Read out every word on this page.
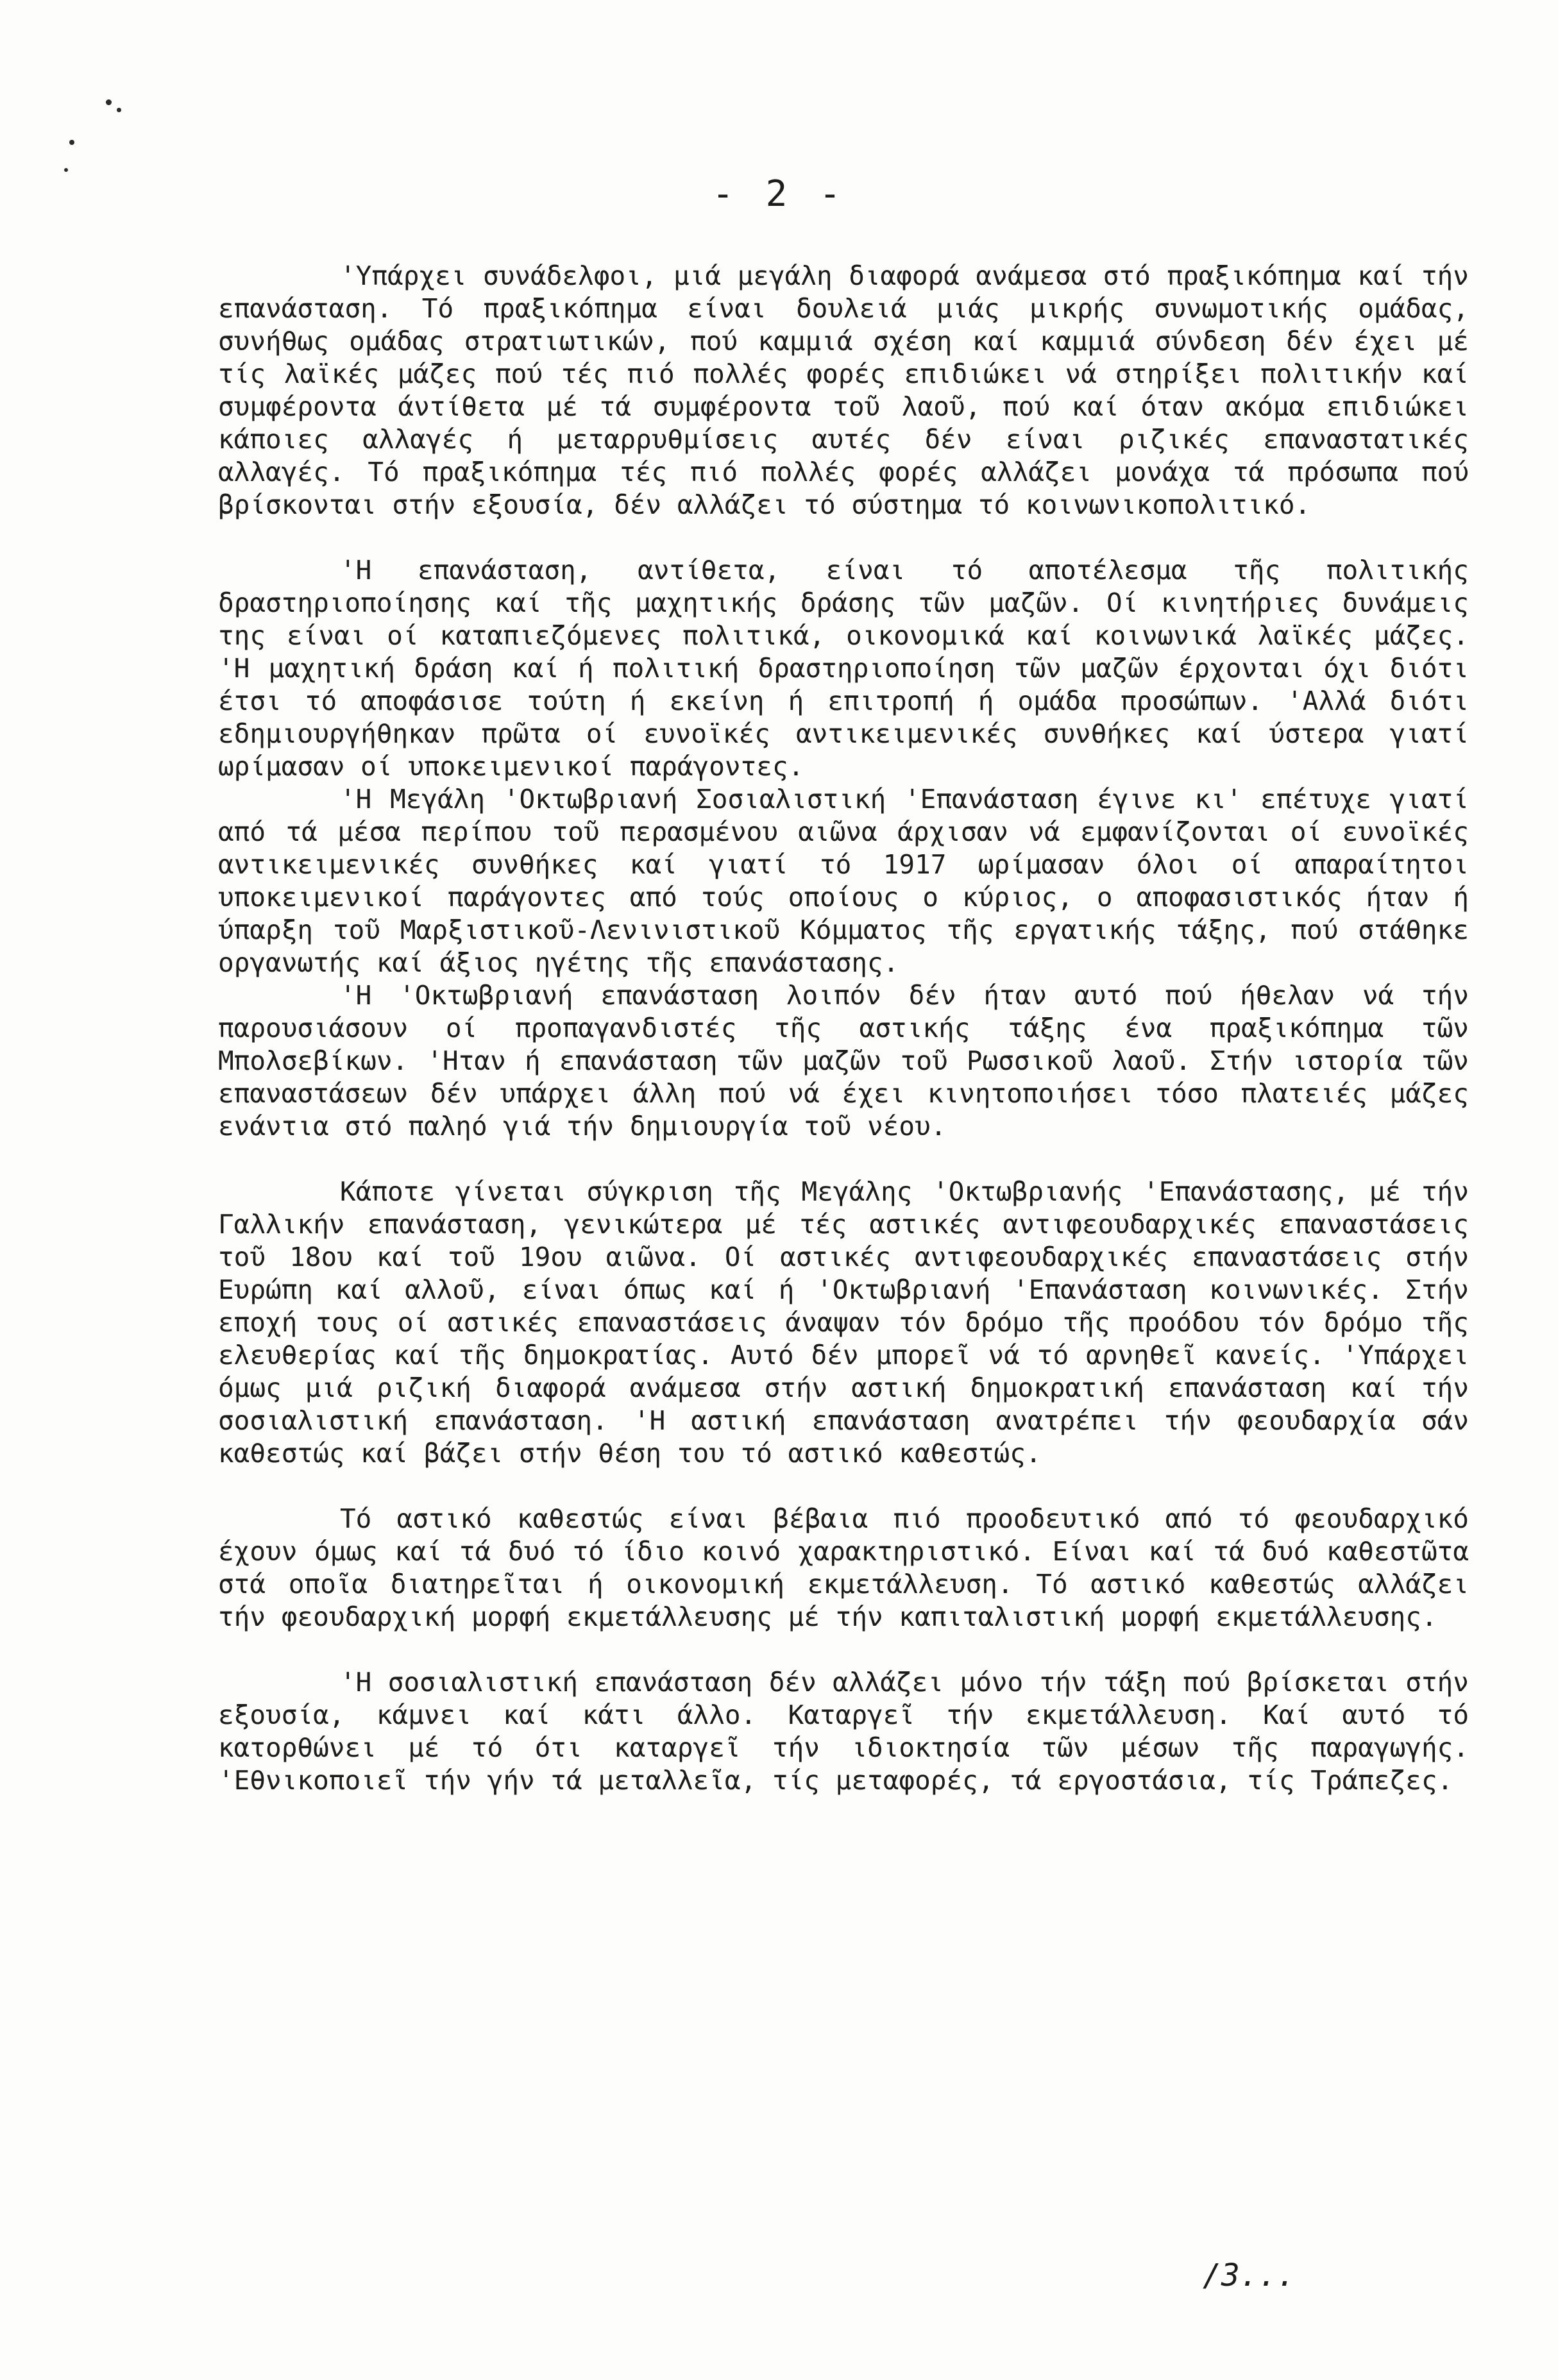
- 2 -

'Υπάρχει συνάδελφοι, μιά μεγάλη διαφορά ανάμεσα στό πραξικόπημα καί τήν επανάσταση. Τό πραξικόπημα είναι δουλειά μιάς μικρής συνωμοτικής ομάδας, συνήθως ομάδας στρατιωτικών, πού καμμιά σχέση καί καμμιά σύνδεση δέν έχει μέ τίς λαϊκές μάζες πού τές πιό πολλές φορές επιδιώκει νά στηρίξει πολιτικήν καί συμφέροντα άντίθετα μέ τά συμφέροντα τοῦ λαοῦ, πού καί όταν ακόμα επιδιώκει κάποιες αλλαγές ή μεταρρυθμίσεις αυτές δέν είναι ριζικές επαναστατικές αλλαγές. Τό πραξικόπημα τές πιό πολλές φορές αλλάζει μονάχα τά πρόσωπα πού βρίσκονται στήν εξουσία, δέν αλλάζει τό σύστημα τό κοινωνικοπολιτικό.

'Η επανάσταση, αντίθετα, είναι τό αποτέλεσμα τῆς πολιτικής δραστηριοποίησης καί τῆς μαχητικής δράσης τῶν μαζῶν. Οί κινητήριες δυνάμεις της είναι οί καταπιεζόμενες πολιτικά, οικονομικά καί κοινωνικά λαϊκές μάζες. 'Η μαχητική δράση καί ή πολιτική δραστηριοποίηση τῶν μαζῶν έρχονται όχι διότι έτσι τό αποφάσισε τούτη ή εκείνη ή επιτροπή ή ομάδα προσώπων. 'Αλλά διότι εδημιουργήθηκαν πρῶτα οί ευνοϊκές αντικειμενικές συνθήκες καί ύστερα γιατί ωρίμασαν οί υποκειμενικοί παράγοντες.

'Η Μεγάλη 'Οκτωβριανή Σοσιαλιστική 'Επανάσταση έγινε κι' επέτυχε γιατί από τά μέσα περίπου τοῦ περασμένου αιῶνα άρχισαν νά εμφανίζονται οί ευνοϊκές αντικειμενικές συνθήκες καί γιατί τό 1917 ωρίμασαν όλοι οί απαραίτητοι υποκειμενικοί παράγοντες από τούς οποίους ο κύριος, ο αποφασιστικός ήταν ή ύπαρξη τοῦ Μαρξιστικοῦ-Λενινιστικοῦ Κόμματος τῆς εργατικής τάξης, πού στάθηκε οργανωτής καί άξιος ηγέτης τῆς επανάστασης.

'Η 'Οκτωβριανή επανάσταση λοιπόν δέν ήταν αυτό πού ήθελαν νά τήν παρουσιάσουν οί προπαγανδιστές τῆς αστικής τάξης ένα πραξικόπημα τῶν Μπολσεβίκων. 'Ηταν ή επανάσταση τῶν μαζῶν τοῦ Ρωσσικοῦ λαοῦ. Στήν ιστορία τῶν επαναστάσεων δέν υπάρχει άλλη πού νά έχει κινητοποιήσει τόσο πλατειές μάζες ενάντια στό παληό γιά τήν δημιουργία τοῦ νέου.

Κάποτε γίνεται σύγκριση τῆς Μεγάλης 'Οκτωβριανής 'Επανάστασης, μέ τήν Γαλλικήν επανάσταση, γενικώτερα μέ τές αστικές αντιφεουδαρχικές επαναστάσεις τοῦ 18ου καί τοῦ 19ου αιῶνα. Οί αστικές αντιφεουδαρχικές επαναστάσεις στήν Ευρώπη καί αλλοῦ, είναι όπως καί ή 'Οκτωβριανή 'Επανάσταση κοινωνικές. Στήν εποχή τους οί αστικές επαναστάσεις άναψαν τόν δρόμο τῆς προόδου τόν δρόμο τῆς ελευθερίας καί τῆς δημοκρατίας. Αυτό δέν μπορεῖ νά τό αρνηθεῖ κανείς. 'Υπάρχει όμως μιά ριζική διαφορά ανάμεσα στήν αστική δημοκρατική επανάσταση καί τήν σοσιαλιστική επανάσταση. 'Η αστική επανάσταση ανατρέπει τήν φεουδαρχία σάν καθεστώς καί βάζει στήν θέση του τό αστικό καθεστώς.

Τό αστικό καθεστώς είναι βέβαια πιό προοδευτικό από τό φεουδαρχικό έχουν όμως καί τά δυό τό ίδιο κοινό χαρακτηριστικό. Είναι καί τά δυό καθεστῶτα στά οποῖα διατηρεῖται ή οικονομική εκμετάλλευση. Τό αστικό καθεστώς αλλάζει τήν φεουδαρχική μορφή εκμετάλλευσης μέ τήν καπιταλιστική μορφή εκμετάλλευσης.

'Η σοσιαλιστική επανάσταση δέν αλλάζει μόνο τήν τάξη πού βρίσκεται στήν εξουσία, κάμνει καί κάτι άλλο. Καταργεῖ τήν εκμετάλλευση. Καί αυτό τό κατορθώνει μέ τό ότι καταργεῖ τήν ιδιοκτησία τῶν μέσων τῆς παραγωγής. 'Εθνικοποιεῖ τήν γήν τά μεταλλεῖα, τίς μεταφορές, τά εργοστάσια, τίς Τράπεζες.

/3...
